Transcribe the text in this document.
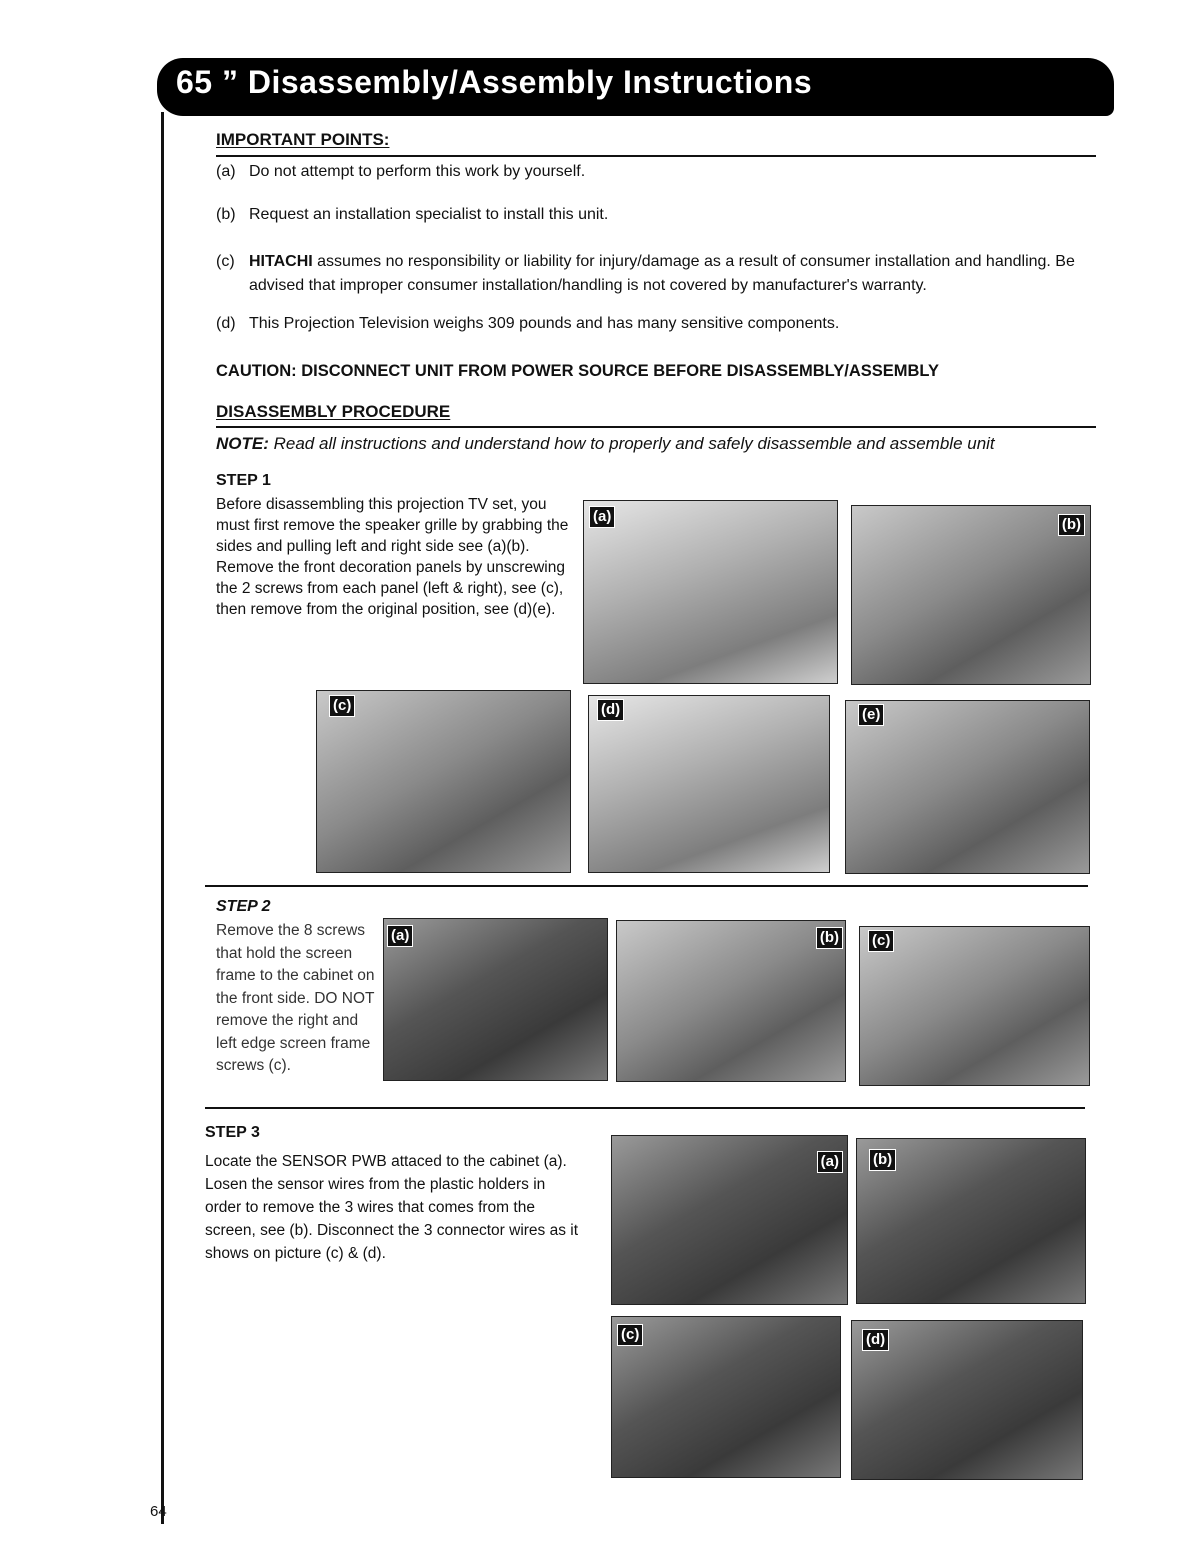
65 ” Disassembly/Assembly Instructions
IMPORTANT POINTS:
(a) Do not attempt to perform this work by yourself.
(b) Request an installation specialist to install this unit.
(c) HITACHI assumes no responsibility or liability for injury/damage as a result of consumer installation and handling. Be advised that improper consumer installation/handling is not covered by manufacturer's warranty.
(d) This Projection Television weighs 309 pounds and has many sensitive components.
CAUTION: DISCONNECT UNIT FROM POWER SOURCE BEFORE DISASSEMBLY/ASSEMBLY
DISASSEMBLY PROCEDURE
NOTE: Read all instructions and understand how to properly and safely disassemble and assemble unit
STEP 1
Before disassembling this projection TV set, you must first remove the speaker grille by grabbing the sides and pulling left and right side see (a)(b). Remove the front decoration panels by unscrewing the 2 screws from each panel (left & right), see (c), then remove from the original position, see (d)(e).
(a)	(b)
(c)	(d)	(e)
STEP 2
Remove the 8 screws that hold the screen frame to the cabinet on the front side. DO NOT remove the right and left edge screen frame screws (c).
(a)	(b) (c)
STEP 3
Locate the SENSOR PWB attaced to the cabinet (a). Losen the sensor wires from the plastic holders in order to remove the 3 wires that comes from the screen, see (b). Disconnect the 3 connector wires as it shows on picture (c) & (d).
(a) (b)
(c)	(d)
64
